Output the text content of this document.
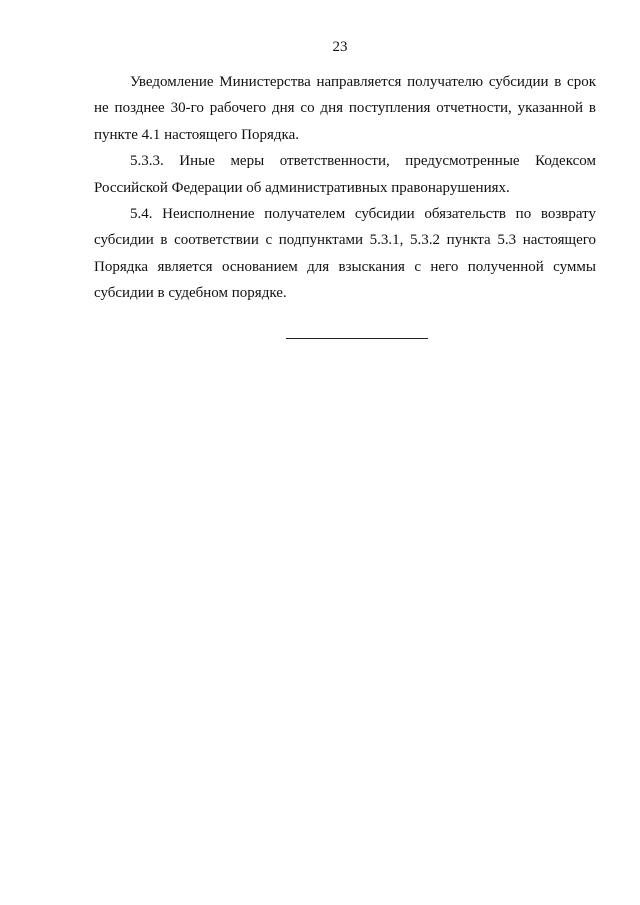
23

Уведомление Министерства направляется получателю субсидии в срок не позднее 30-го рабочего дня со дня поступления отчетности, указанной в пункте 4.1 настоящего Порядка.

5.3.3. Иные меры ответственности, предусмотренные Кодексом Российской Федерации об административных правонарушениях.

5.4. Неисполнение получателем субсидии обязательств по возврату субсидии в соответствии с подпунктами 5.3.1, 5.3.2 пункта 5.3 настоящего Порядка является основанием для взыскания с него полученной суммы субсидии в судебном порядке.
